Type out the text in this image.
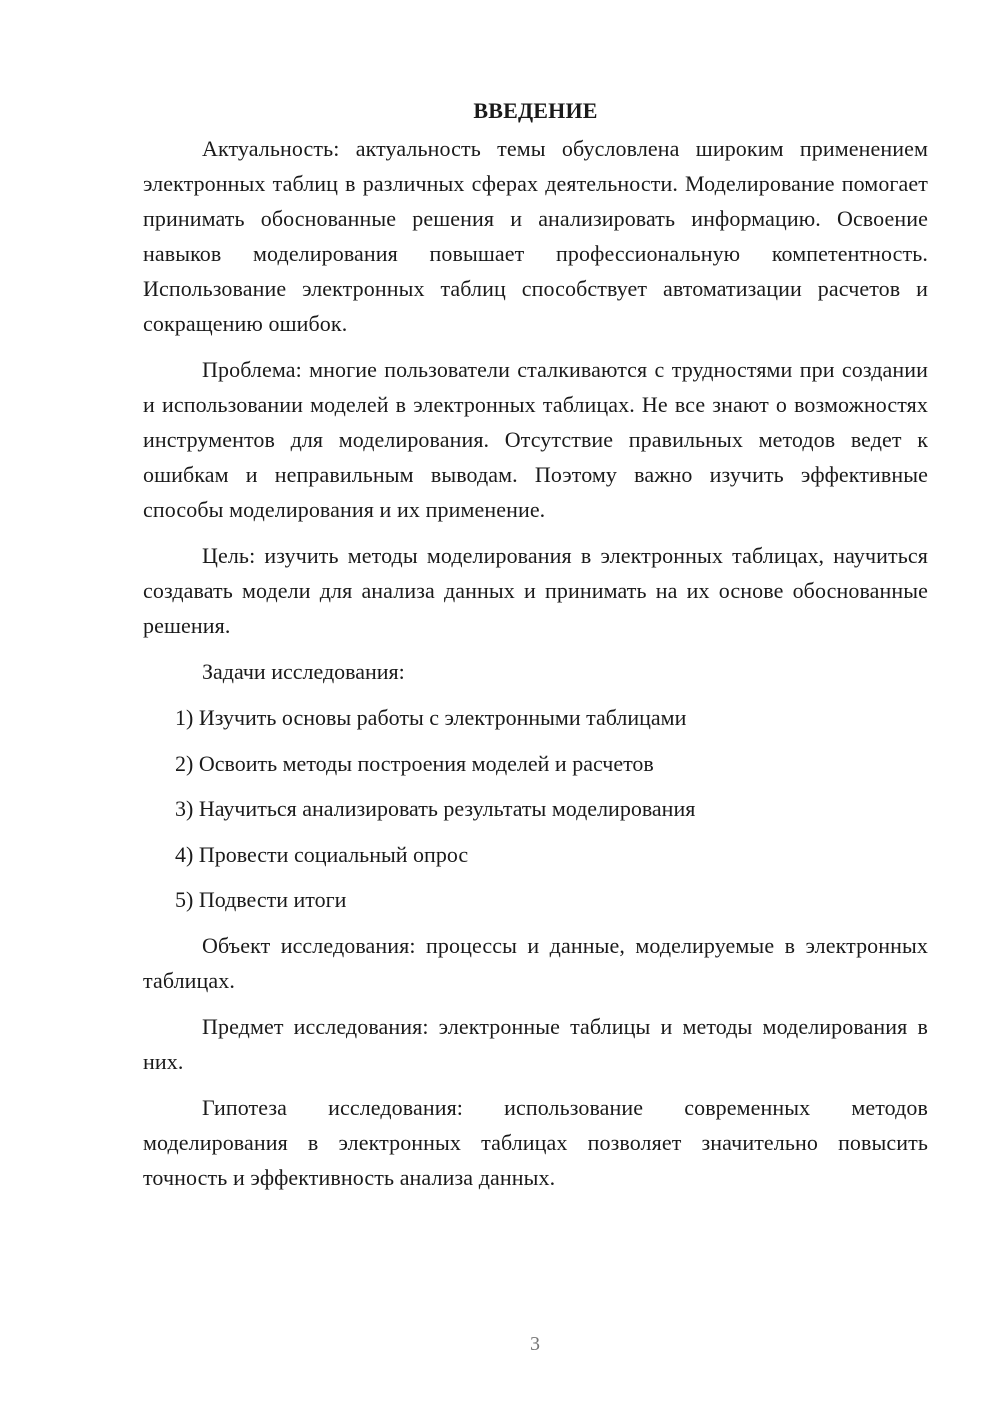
ВВЕДЕНИЕ

Актуальность: актуальность темы обусловлена широким применением электронных таблиц в различных сферах деятельности. Моделирование помогает принимать обоснованные решения и анализировать информацию. Освоение навыков моделирования повышает профессиональную компетентность. Использование электронных таблиц способствует автоматизации расчетов и сокращению ошибок.

Проблема: многие пользователи сталкиваются с трудностями при создании и использовании моделей в электронных таблицах. Не все знают о возможностях инструментов для моделирования. Отсутствие правильных методов ведет к ошибкам и неправильным выводам. Поэтому важно изучить эффективные способы моделирования и их применение.

Цель: изучить методы моделирования в электронных таблицах, научиться создавать модели для анализа данных и принимать на их основе обоснованные решения.

Задачи исследования:

1) Изучить основы работы с электронными таблицами
2) Освоить методы построения моделей и расчетов
3) Научиться анализировать результаты моделирования
4) Провести социальный опрос
5) Подвести итоги

Объект исследования: процессы и данные, моделируемые в электронных таблицах.

Предмет исследования: электронные таблицы и методы моделирования в них.

Гипотеза исследования: использование современных методов моделирования в электронных таблицах позволяет значительно повысить точность и эффективность анализа данных.

3
